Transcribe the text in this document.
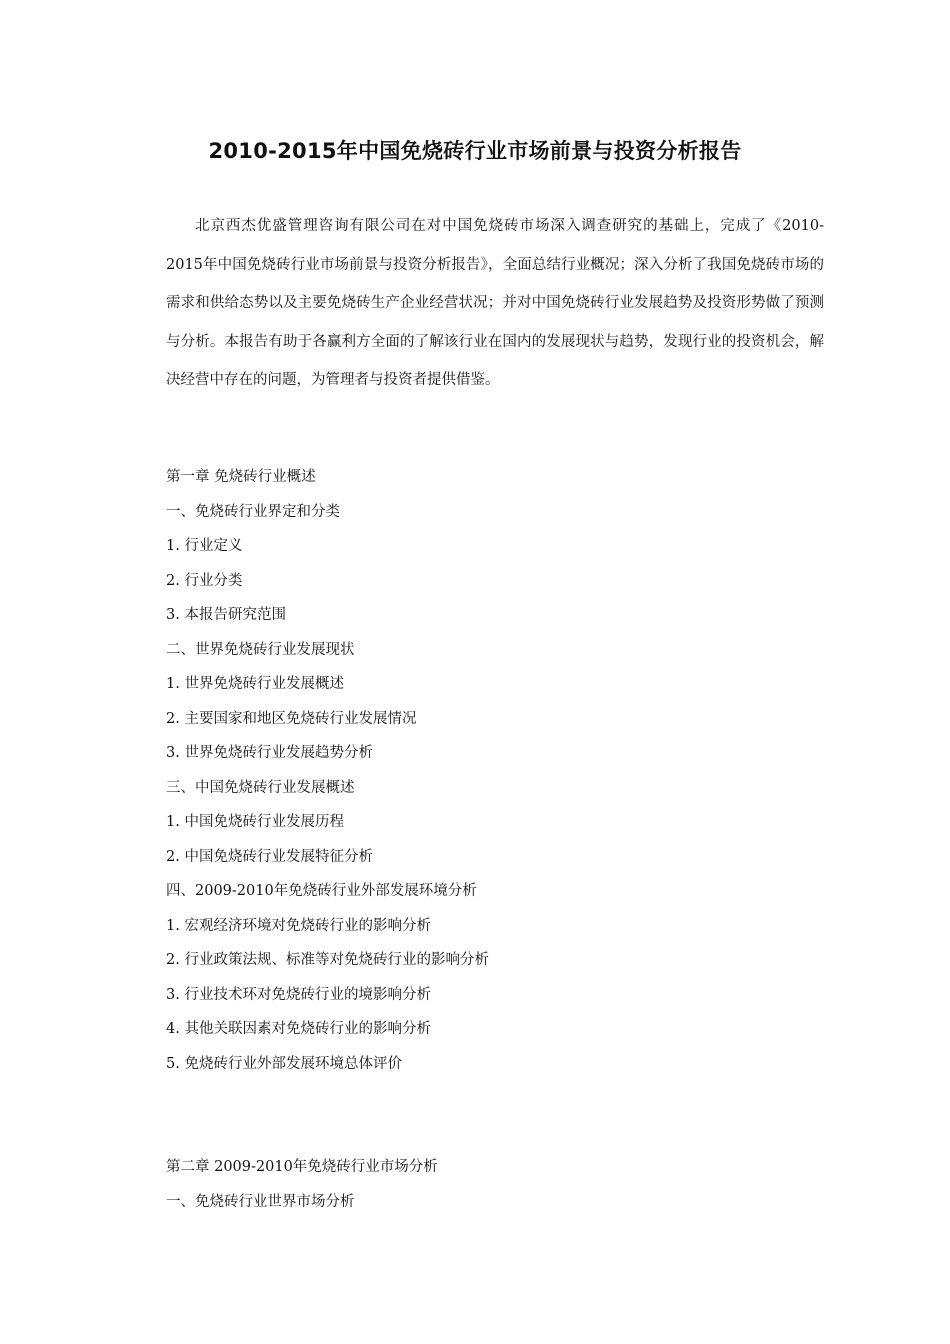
2010-2015年中国免烧砖行业市场前景与投资分析报告

北京西杰优盛管理咨询有限公司在对中国免烧砖市场深入调查研究的基础上，完成了《2010-2015年中国免烧砖行业市场前景与投资分析报告》，全面总结行业概况；深入分析了我国免烧砖市场的需求和供给态势以及主要免烧砖生产企业经营状况；并对中国免烧砖行业发展趋势及投资形势做了预测与分析。本报告有助于各赢利方全面的了解该行业在国内的发展现状与趋势，发现行业的投资机会，解决经营中存在的问题，为管理者与投资者提供借鉴。

第一章 免烧砖行业概述
一、免烧砖行业界定和分类
1. 行业定义
2. 行业分类
3. 本报告研究范围
二、世界免烧砖行业发展现状
1. 世界免烧砖行业发展概述
2. 主要国家和地区免烧砖行业发展情况
3. 世界免烧砖行业发展趋势分析
三、中国免烧砖行业发展概述
1. 中国免烧砖行业发展历程
2. 中国免烧砖行业发展特征分析
四、2009-2010年免烧砖行业外部发展环境分析
1. 宏观经济环境对免烧砖行业的影响分析
2. 行业政策法规、标准等对免烧砖行业的影响分析
3. 行业技术环对免烧砖行业的境影响分析
4. 其他关联因素对免烧砖行业的影响分析
5. 免烧砖行业外部发展环境总体评价
第二章 2009-2010年免烧砖行业市场分析
一、免烧砖行业世界市场分析
